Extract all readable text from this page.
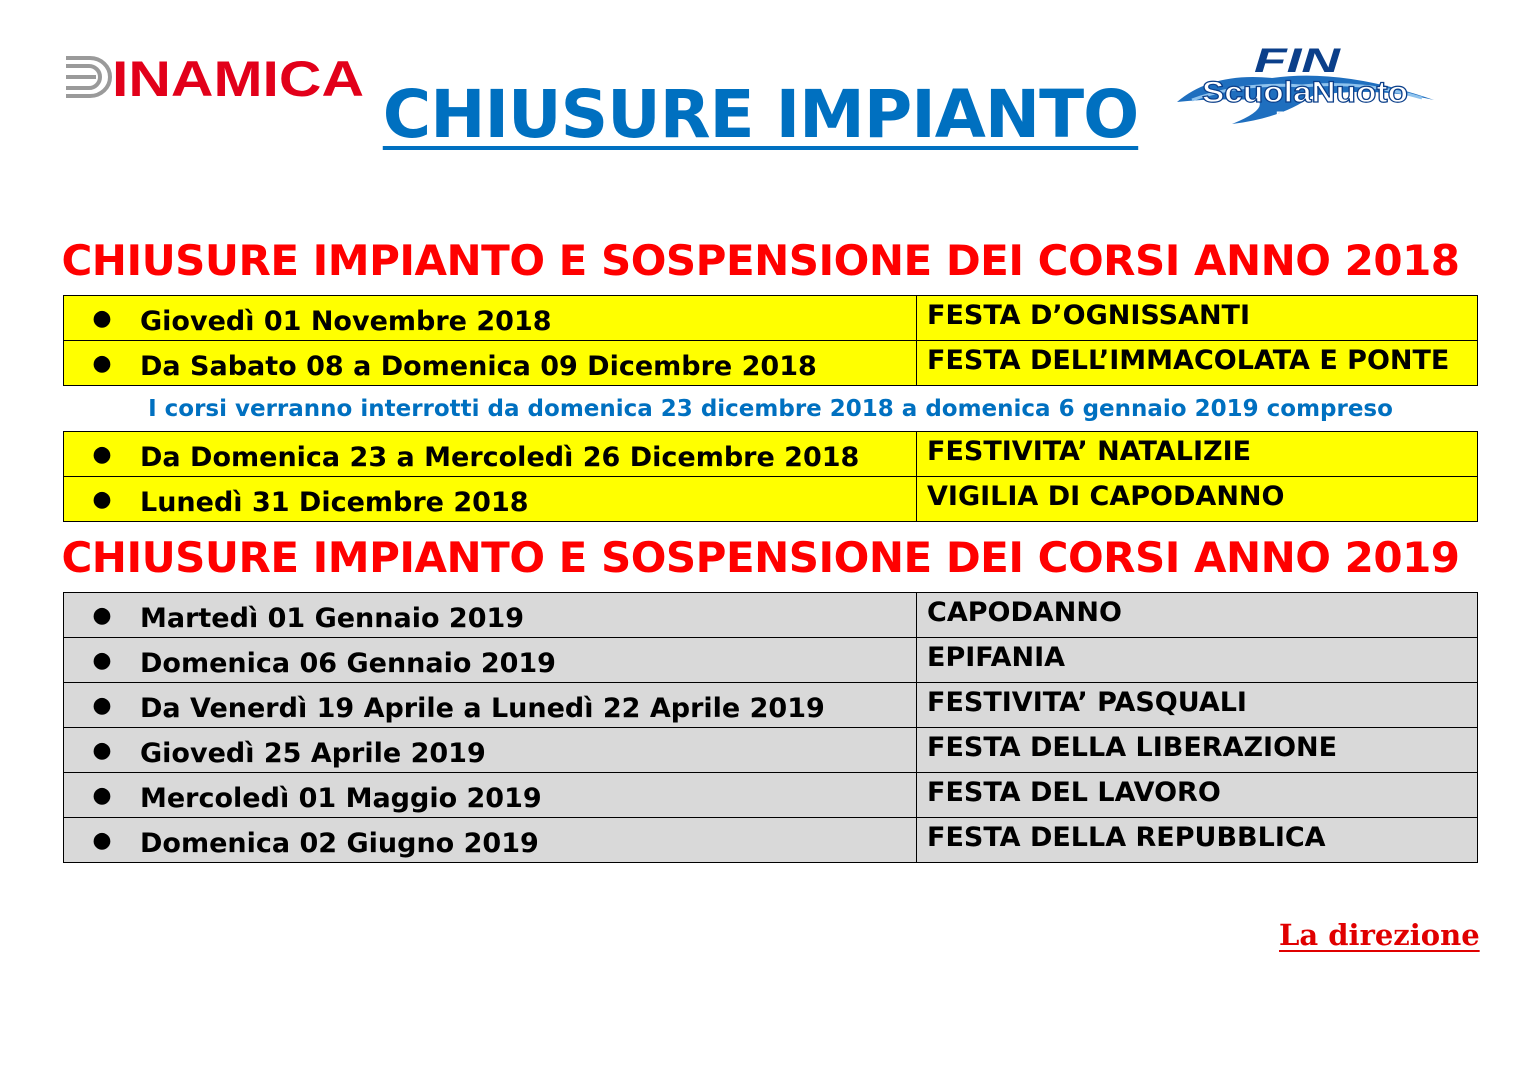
INAMICA	FIN
ScuolaNuoto
FEDERALE
CHIUSURE IMPIANTO
CHIUSURE IMPIANTO E SOSPENSIONE DEI CORSI ANNO 2018
● Giovedì 01 Novembre 2018	FESTA D’OGNISSANTI
● Da Sabato 08 a Domenica 09 Dicembre 2018	FESTA DELL’IMMACOLATA E PONTE
I corsi verranno interrotti da domenica 23 dicembre 2018 a domenica 6 gennaio 2019 compreso
● Da Domenica 23 a Mercoledì 26 Dicembre 2018	FESTIVITA’ NATALIZIE
● Lunedì 31 Dicembre 2018	VIGILIA DI CAPODANNO
CHIUSURE IMPIANTO E SOSPENSIONE DEI CORSI ANNO 2019
● Martedì 01 Gennaio 2019	CAPODANNO
● Domenica 06 Gennaio 2019	EPIFANIA
● Da Venerdì 19 Aprile a Lunedì 22 Aprile 2019	FESTIVITA’ PASQUALI
● Giovedì 25 Aprile 2019	FESTA DELLA LIBERAZIONE
● Mercoledì 01 Maggio 2019	FESTA DEL LAVORO
● Domenica 02 Giugno 2019	FESTA DELLA REPUBBLICA
La direzione
